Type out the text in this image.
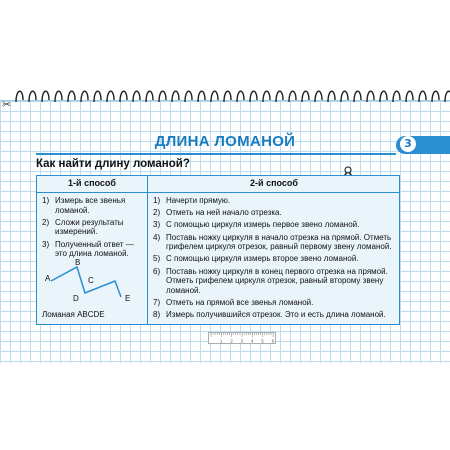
✂
ДЛИНА ЛОМАНОЙ	3
Как найти длину ломаной?
1-й способ	2-й способ
1) Измерь все звенья ломаной.
2) Сложи результаты измерений.
3) Полученный ответ — это длина ломаной.
A
B
C
D	E
Ломаная ABCDE
1) Начерти прямую.
2) Отметь на ней начало отрезка.
3) С помощью циркуля измерь первое звено ломаной.
4) Поставь ножку циркуля в начало отрезка на прямой. Отметь грифелем циркуля отрезок, равный первому звену ломаной.
5) С помощью циркуля измерь второе звено ломаной.
6) Поставь ножку циркуля в конец первого отрезка на прямой. Отметь грифелем циркуля отрезок, равный второму звену ломаной.
7) Отметь на прямой все звенья ломаной.
8) Измерь получившийся отрезок. Это и есть длина ломаной.
1 2 3 4 5 6
